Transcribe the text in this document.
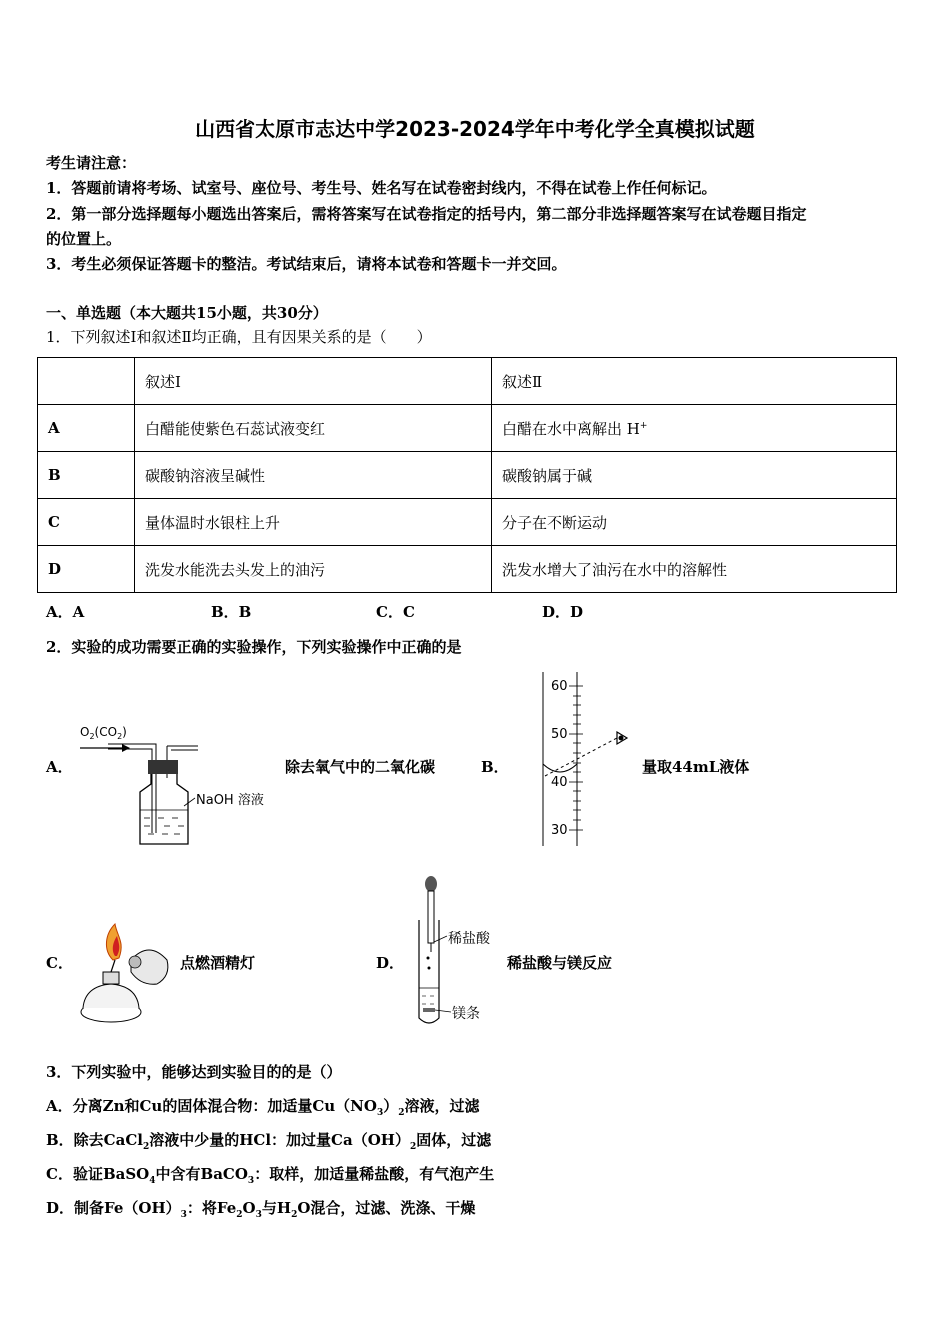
山西省太原市志达中学2023-2024学年中考化学全真模拟试题
考生请注意：
1．答题前请将考场、试室号、座位号、考生号、姓名写在试卷密封线内，不得在试卷上作任何标记。
2．第一部分选择题每小题选出答案后，需将答案写在试卷指定的括号内，第二部分非选择题答案写在试卷题目指定
的位置上。
3．考生必须保证答题卡的整洁。考试结束后，请将本试卷和答题卡一并交回。
一、单选题（本大题共15小题，共30分）
1．下列叙述Ⅰ和叙述Ⅱ均正确，且有因果关系的是（　　）
	叙述Ⅰ	叙述Ⅱ
A	白醋能使紫色石蕊试液变红	白醋在水中离解出 H+
B	碳酸钠溶液呈碱性	碳酸钠属于碱
C	量体温时水银柱上升	分子在不断运动
D	洗发水能洗去头发上的油污	洗发水增大了油污在水中的溶解性
A．A	B．B	C．C	D．D
2．实验的成功需要正确的实验操作，下列实验操作中正确的是
A．
$O_2(CO_2)$
NaOH 溶液
除去氧气中的二氧化碳	B．
60
50
40
30
量取44mL液体
C．	点燃酒精灯	D．
稀盐酸
镁条
稀盐酸与镁反应
3．下列实验中，能够达到实验目的的是（）
A．分离Zn和Cu的固体混合物：加适量$Cu(NO_3)_2$溶液，过滤
B．除去CaCl$_2$溶液中少量的HCl：加过量$Ca(OH)_2$固体，过滤
C．验证BaSO$_4$中含有BaCO$_3$：取样，加适量稀盐酸，有气泡产生
D．制备$Fe(OH)_3$：将$Fe_2O_3$与$H_2O$混合，过滤、洗涤、干燥
